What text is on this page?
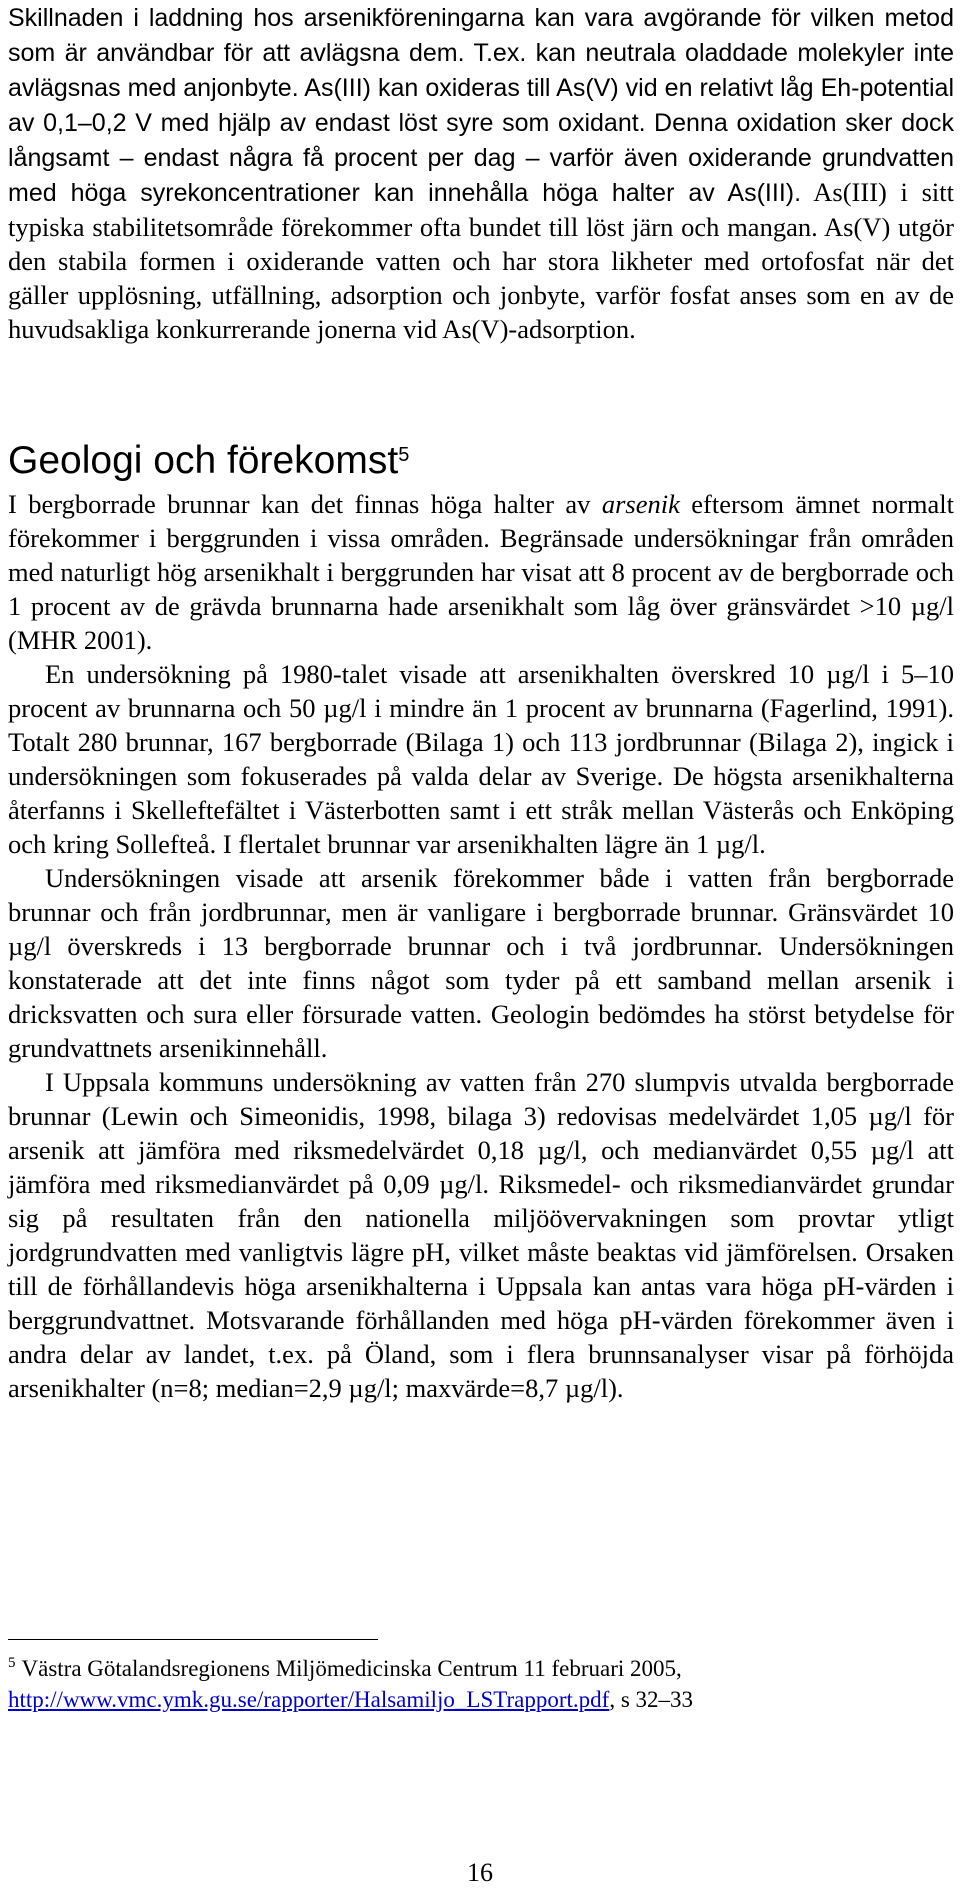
Skillnaden i laddning hos arsenikföreningarna kan vara avgörande för vilken metod som är användbar för att avlägsna dem. T.ex. kan neutrala oladdade molekyler inte avlägsnas med anjonbyte. As(III) kan oxideras till As(V) vid en relativt låg Eh-potential av 0,1–0,2 V med hjälp av endast löst syre som oxidant. Denna oxidation sker dock långsamt – endast några få procent per dag – varför även oxiderande grundvatten med höga syrekoncentrationer kan innehålla höga halter av As(III). As(III) i sitt typiska stabilitetsområde förekommer ofta bundet till löst järn och mangan. As(V) utgör den stabila formen i oxiderande vatten och har stora likheter med ortofosfat när det gäller upplösning, utfällning, adsorption och jonbyte, varför fosfat anses som en av de huvudsakliga konkurrerande jonerna vid As(V)-adsorption.

Geologi och förekomst$^5$

I bergborrade brunnar kan det finnas höga halter av arsenik eftersom ämnet normalt förekommer i berggrunden i vissa områden. Begränsade undersökningar från områden med naturligt hög arsenikhalt i berggrunden har visat att 8 procent av de bergborrade och 1 procent av de grävda brunnarna hade arsenikhalt som låg över gränsvärdet >10 µg/l (MHR 2001).

En undersökning på 1980-talet visade att arsenikhalten överskred 10 µg/l i 5–10 procent av brunnarna och 50 µg/l i mindre än 1 procent av brunnarna (Fagerlind, 1991). Totalt 280 brunnar, 167 bergborrade (Bilaga 1) och 113 jordbrunnar (Bilaga 2), ingick i undersökningen som fokuserades på valda delar av Sverige. De högsta arsenikhalterna återfanns i Skelleftefältet i Västerbotten samt i ett stråk mellan Västerås och Enköping och kring Sollefteå. I flertalet brunnar var arsenikhalten lägre än 1 µg/l.

Undersökningen visade att arsenik förekommer både i vatten från bergborrade brunnar och från jordbrunnar, men är vanligare i bergborrade brunnar. Gränsvärdet 10 µg/l överskreds i 13 bergborrade brunnar och i två jordbrunnar. Undersökningen konstaterade att det inte finns något som tyder på ett samband mellan arsenik i dricksvatten och sura eller försurade vatten. Geologin bedömdes ha störst betydelse för grundvattnets arsenikinnehåll.

I Uppsala kommuns undersökning av vatten från 270 slumpvis utvalda bergborrade brunnar (Lewin och Simeonidis, 1998, bilaga 3) redovisas medelvärdet 1,05 µg/l för arsenik att jämföra med riksmedelvärdet 0,18 µg/l, och medianvärdet 0,55 µg/l att jämföra med riksmedianvärdet på 0,09 µg/l. Riksmedel- och riksmedianvärdet grundar sig på resultaten från den nationella miljöövervakningen som provtar ytligt jordgrundvatten med vanligtvis lägre pH, vilket måste beaktas vid jämförelsen. Orsaken till de förhållandevis höga arsenikhalterna i Uppsala kan antas vara höga pH-värden i berggrundvattnet. Motsvarande förhållanden med höga pH-värden förekommer även i andra delar av landet, t.ex. på Öland, som i flera brunnsanalyser visar på förhöjda arsenikhalter (n=8; median=2,9 µg/l; maxvärde=8,7 µg/l).

$^5$ Västra Götalandsregionens Miljömedicinska Centrum 11 februari 2005,
http://www.vmc.ymk.gu.se/rapporter/Halsamiljo_LSTrapport.pdf, s 32–33
16
